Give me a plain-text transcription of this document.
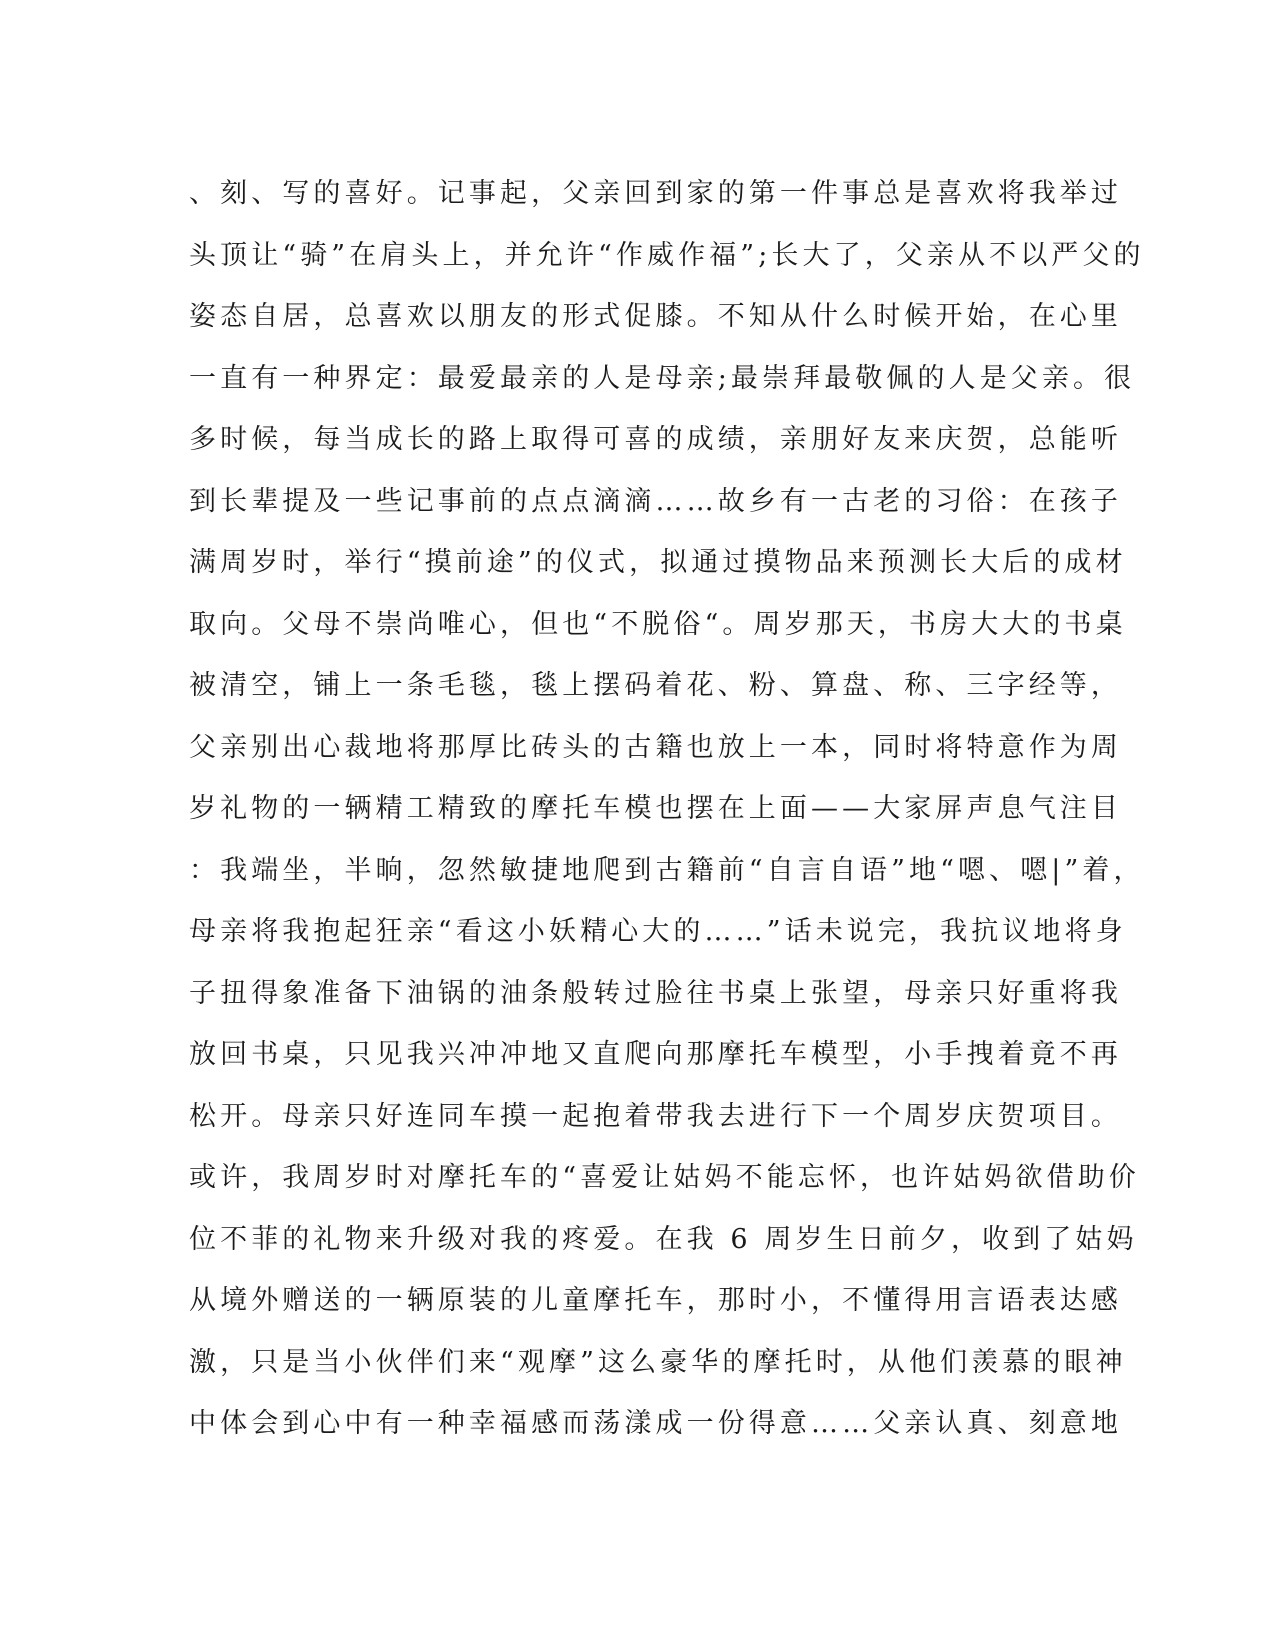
、刻、写的喜好。记事起，父亲回到家的第一件事总是喜欢将我举过
头顶让“骑”在肩头上，并允许“作威作福”;长大了，父亲从不以严父的
姿态自居，总喜欢以朋友的形式促膝。不知从什么时候开始，在心里
一直有一种界定：最爱最亲的人是母亲;最崇拜最敬佩的人是父亲。很
多时候，每当成长的路上取得可喜的成绩，亲朋好友来庆贺，总能听
到长辈提及一些记事前的点点滴滴……故乡有一古老的习俗：在孩子
满周岁时，举行“摸前途”的仪式，拟通过摸物品来预测长大后的成材
取向。父母不崇尚唯心，但也“不脱俗“。周岁那天，书房大大的书桌
被清空，铺上一条毛毯，毯上摆码着花、粉、算盘、称、三字经等，
父亲别出心裁地将那厚比砖头的古籍也放上一本，同时将特意作为周
岁礼物的一辆精工精致的摩托车模也摆在上面——大家屏声息气注目
：我端坐，半晌，忽然敏捷地爬到古籍前“自言自语”地“嗯、嗯|”着，
母亲将我抱起狂亲“看这小妖精心大的……”话未说完，我抗议地将身
子扭得象准备下油锅的油条般转过脸往书桌上张望，母亲只好重将我
放回书桌，只见我兴冲冲地又直爬向那摩托车模型，小手拽着竟不再
松开。母亲只好连同车摸一起抱着带我去进行下一个周岁庆贺项目。
或许，我周岁时对摩托车的“喜爱让姑妈不能忘怀，也许姑妈欲借助价
位不菲的礼物来升级对我的疼爱。在我 6 周岁生日前夕，收到了姑妈
从境外赠送的一辆原装的儿童摩托车，那时小，不懂得用言语表达感
激，只是当小伙伴们来“观摩”这么豪华的摩托时，从他们羡慕的眼神
中体会到心中有一种幸福感而荡漾成一份得意……父亲认真、刻意地
